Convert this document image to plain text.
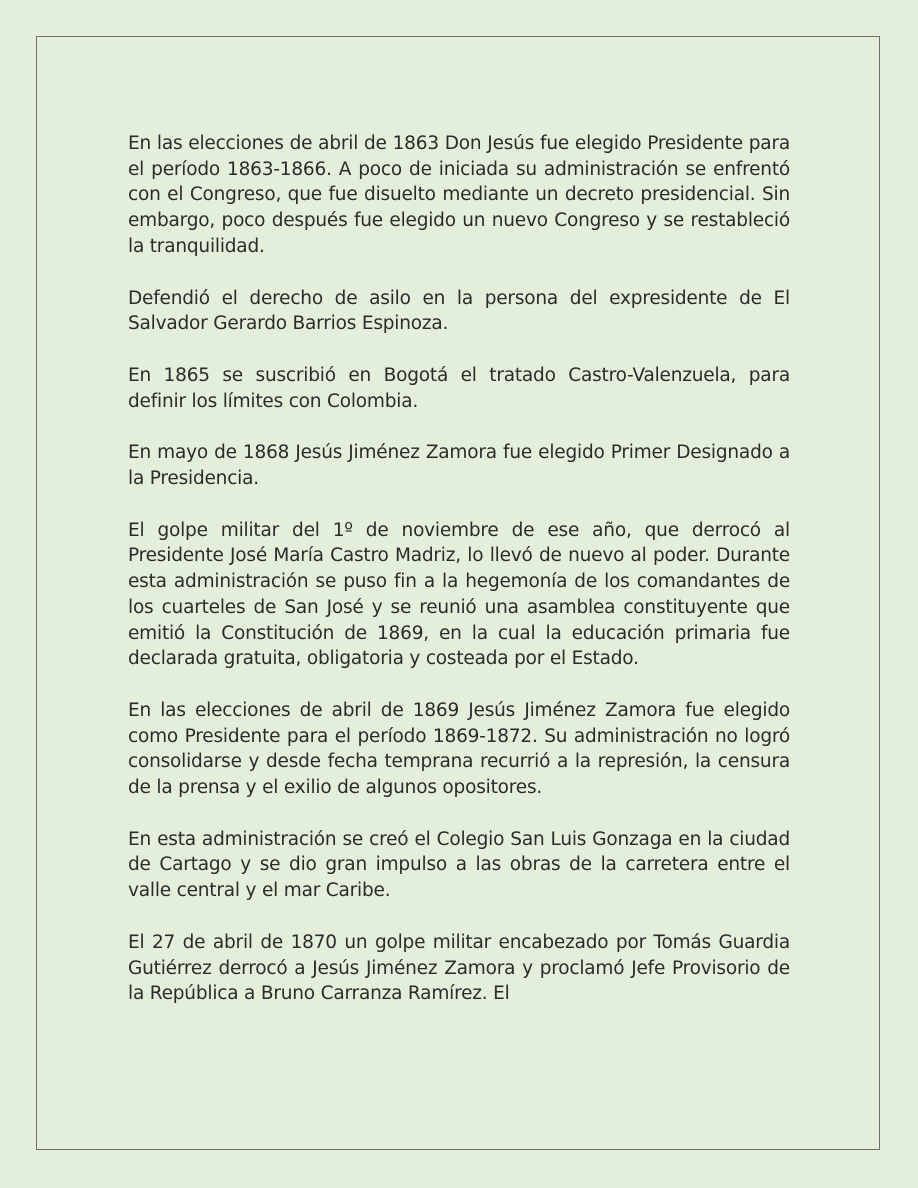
En las elecciones de abril de 1863 Don Jesús fue elegido Presidente para el período 1863-1866. A poco de iniciada su administración se enfrentó con el Congreso, que fue disuelto mediante un decreto presidencial. Sin embargo, poco después fue elegido un nuevo Congreso y se restableció la tranquilidad.

Defendió el derecho de asilo en la persona del expresidente de El Salvador Gerardo Barrios Espinoza.

En 1865 se suscribió en Bogotá el tratado Castro-Valenzuela, para definir los límites con Colombia.

En mayo de 1868 Jesús Jiménez Zamora fue elegido Primer Designado a la Presidencia.

El golpe militar del 1º de noviembre de ese año, que derrocó al Presidente José María Castro Madriz, lo llevó de nuevo al poder. Durante esta administración se puso fin a la hegemonía de los comandantes de los cuarteles de San José y se reunió una asamblea constituyente que emitió la Constitución de 1869, en la cual la educación primaria fue declarada gratuita, obligatoria y costeada por el Estado.

En las elecciones de abril de 1869 Jesús Jiménez Zamora fue elegido como Presidente para el período 1869-1872. Su administración no logró consolidarse y desde fecha temprana recurrió a la represión, la censura de la prensa y el exilio de algunos opositores.

En esta administración se creó el Colegio San Luis Gonzaga en la ciudad de Cartago y se dio gran impulso a las obras de la carretera entre el valle central y el mar Caribe.

El 27 de abril de 1870 un golpe militar encabezado por Tomás Guardia Gutiérrez derrocó a Jesús Jiménez Zamora y proclamó Jefe Provisorio de la República a Bruno Carranza Ramírez. El
